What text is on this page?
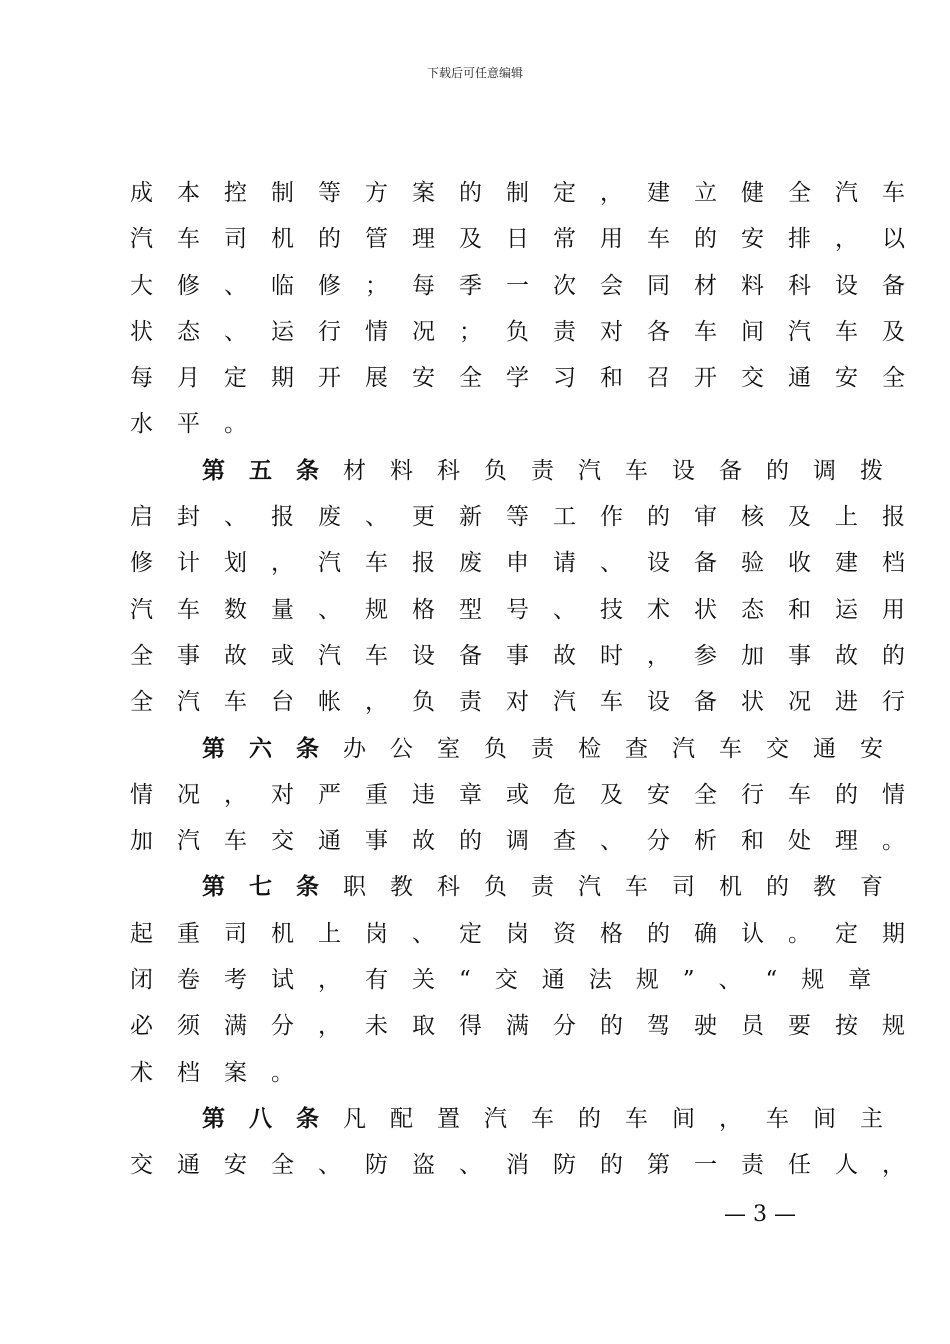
下载后可任意编辑
成本控制等方案的制定，建立健全汽车
汽车司机的管理及日常用车的安排，以
大修、临修；每季一次会同材料科设备
状态、运行情况；负责对各车间汽车及
每月定期开展安全学习和召开交通安全
水平。
第五条材料科负责汽车设备的调拨
启封、报废、更新等工作的审核及上报
修计划，汽车报废申请、设备验收建档
汽车数量、规格型号、技术状态和运用
全事故或汽车设备事故时，参加事故的
全汽车台帐，负责对汽车设备状况进行
第六条办公室负责检查汽车交通安
情况，对严重违章或危及安全行车的情
加汽车交通事故的调查、分析和处理。
第七条职教科负责汽车司机的教育
起重司机上岗、定岗资格的确认。定期
闭卷考试，有关“交通法规”、“规章
必须满分，未取得满分的驾驶员要按规
术档案。
第八条凡配置汽车的车间，车间主
交通安全、防盗、消防的第一责任人，
— 3 —
